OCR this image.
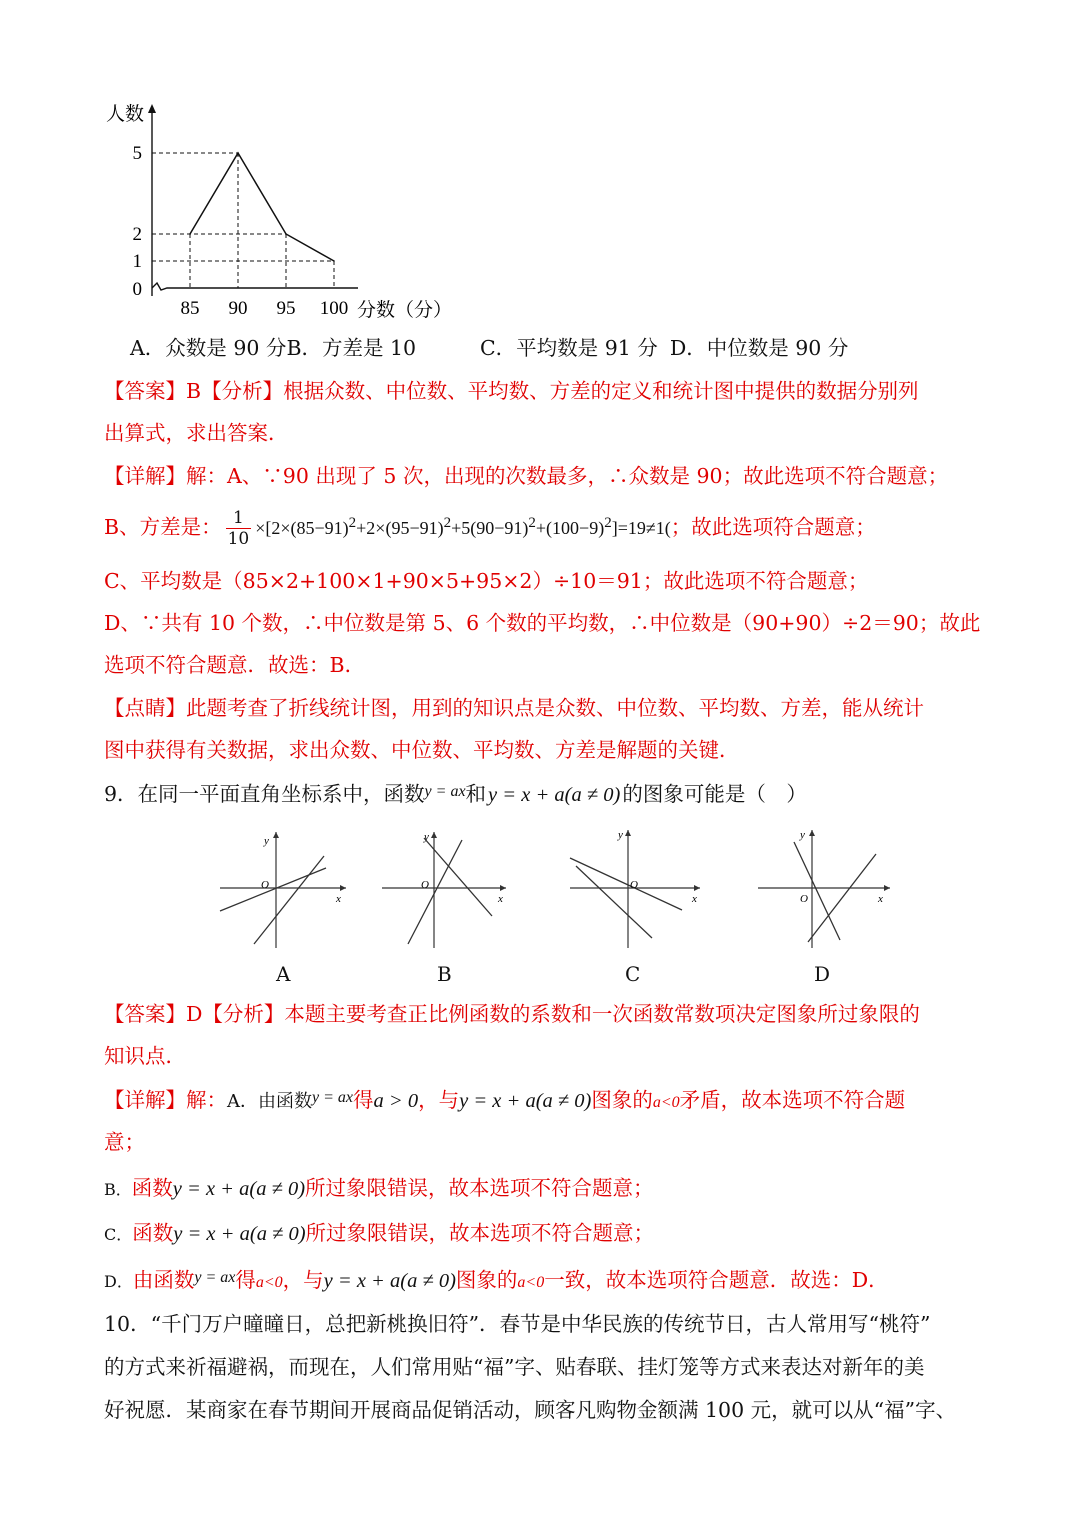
85 90 95 100
0
1
2
5
人数
分数（分）
A．众数是 90 分B．方差是 10	C．平均数是 91 分 D．中位数是 90 分
【答案】B【分析】根据众数、中位数、平均数、方差的定义和统计图中提供的数据分别列
出算式，求出答案．
【详解】解：A、∵90 出现了 5 次，出现的次数最多，∴众数是 90；故此选项不符合题意；
B、方差是： $\frac{1}{10} \times[2\times(85-91)^2+2\times(95-91)^2+5(90-91)^2+(100-9)^2]=19\ne 1$(；故此选项符合题意；
C、平均数是（85×2+100×1+90×5+95×2）÷10＝91；故此选项不符合题意；
D、∵共有 10 个数，∴中位数是第 5、6 个数的平均数，∴中位数是（90+90）÷2＝90；故此
选项不符合题意．故选：B．
【点睛】此题考查了折线统计图，用到的知识点是众数、中位数、平均数、方差，能从统计
图中获得有关数据，求出众数、中位数、平均数、方差是解题的关键．
9．在同一平面直角坐标系中，函数$^{y = ax}$和y = x + a(a ≠ 0)的图象可能是（　）
y
x
O
y
x
O
y
x
O
y
x
O
A	B	C	D
【答案】D【分析】本题主要考查正比例函数的系数和一次函数常数项决定图象所过象限的
知识点．
【详解】解：A．由函数$^{y = ax}$得a > 0，与y = x + a(a ≠ 0)图象的a<0矛盾，故本选项不符合题
意；
B．函数y = x + a(a ≠ 0)所过象限错误，故本选项不符合题意；
C．函数y = x + a(a ≠ 0)所过象限错误，故本选项不符合题意；
D．由函数$^{y = ax}$得a<0，与y = x + a(a ≠ 0)图象的a<0一致，故本选项符合题意．故选：D．
10．“千门万户曈曈日，总把新桃换旧符”．春节是中华民族的传统节日，古人常用写“桃符”
的方式来祈福避祸，而现在，人们常用贴“福”字、贴春联、挂灯笼等方式来表达对新年的美
好祝愿．某商家在春节期间开展商品促销活动，顾客凡购物金额满 100 元，就可以从“福”字、
